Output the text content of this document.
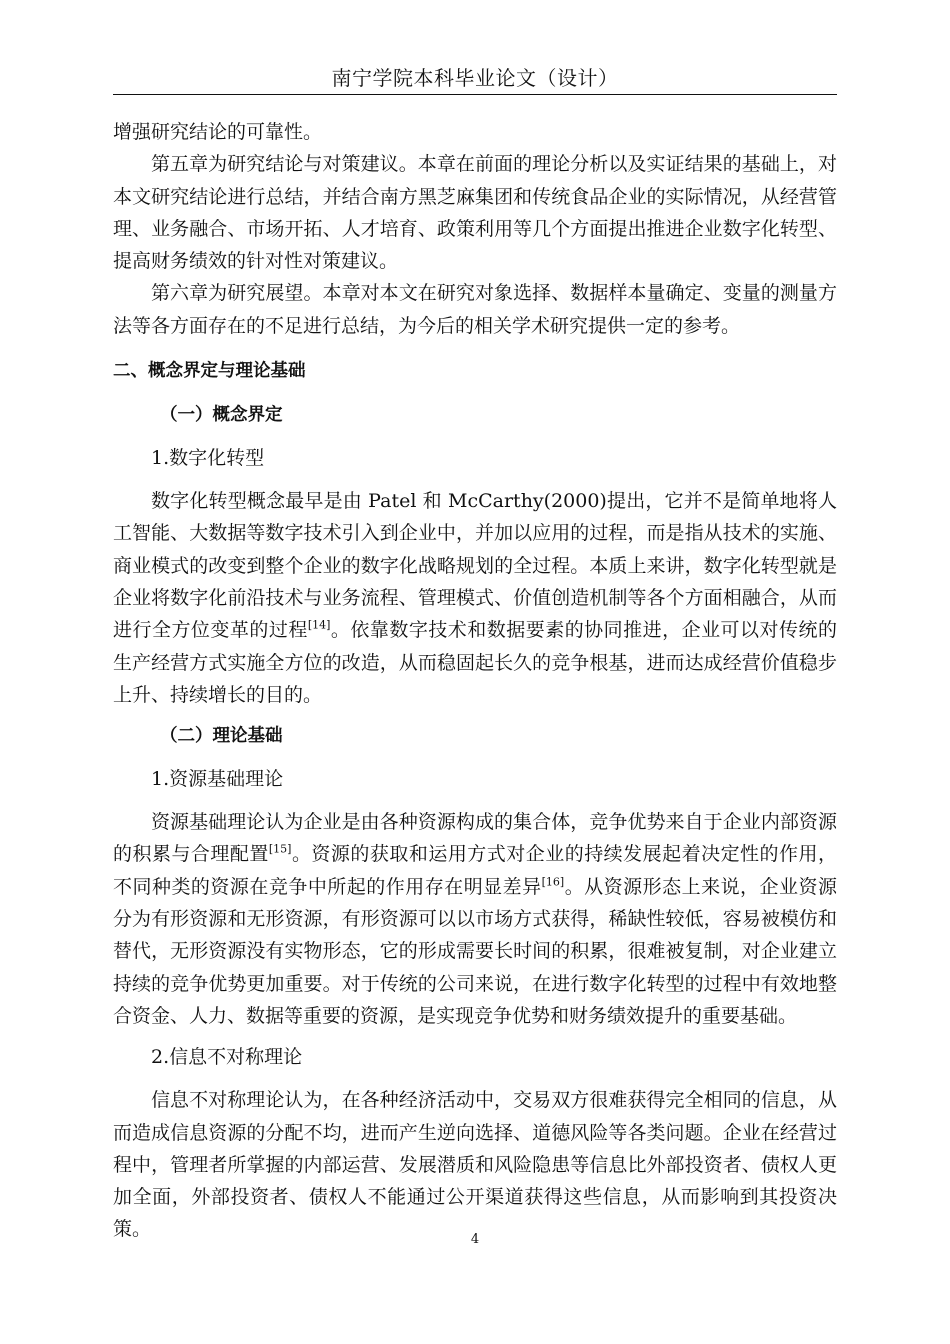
南宁学院本科毕业论文（设计）

增强研究结论的可靠性。

第五章为研究结论与对策建议。本章在前面的理论分析以及实证结果的基础上，对本文研究结论进行总结，并结合南方黑芝麻集团和传统食品企业的实际情况，从经营管理、业务融合、市场开拓、人才培育、政策利用等几个方面提出推进企业数字化转型、提高财务绩效的针对性对策建议。

第六章为研究展望。本章对本文在研究对象选择、数据样本量确定、变量的测量方法等各方面存在的不足进行总结，为今后的相关学术研究提供一定的参考。

二、概念界定与理论基础
（一）概念界定
1.数字化转型

数字化转型概念最早是由 Patel 和 McCarthy(2000)提出，它并不是简单地将人工智能、大数据等数字技术引入到企业中，并加以应用的过程，而是指从技术的实施、商业模式的改变到整个企业的数字化战略规划的全过程。本质上来讲，数字化转型就是企业将数字化前沿技术与业务流程、管理模式、价值创造机制等各个方面相融合，从而进行全方位变革的过程[14]。依靠数字技术和数据要素的协同推进，企业可以对传统的生产经营方式实施全方位的改造，从而稳固起长久的竞争根基，进而达成经营价值稳步上升、持续增长的目的。

（二）理论基础
1.资源基础理论

资源基础理论认为企业是由各种资源构成的集合体，竞争优势来自于企业内部资源的积累与合理配置[15]。资源的获取和运用方式对企业的持续发展起着决定性的作用，不同种类的资源在竞争中所起的作用存在明显差异[16]。从资源形态上来说，企业资源分为有形资源和无形资源，有形资源可以以市场方式获得，稀缺性较低，容易被模仿和替代，无形资源没有实物形态，它的形成需要长时间的积累，很难被复制，对企业建立持续的竞争优势更加重要。对于传统的公司来说，在进行数字化转型的过程中有效地整合资金、人力、数据等重要的资源，是实现竞争优势和财务绩效提升的重要基础。

2.信息不对称理论

信息不对称理论认为，在各种经济活动中，交易双方很难获得完全相同的信息，从而造成信息资源的分配不均，进而产生逆向选择、道德风险等各类问题。企业在经营过程中，管理者所掌握的内部运营、发展潜质和风险隐患等信息比外部投资者、债权人更加全面，外部投资者、债权人不能通过公开渠道获得这些信息，从而影响到其投资决策。	4
